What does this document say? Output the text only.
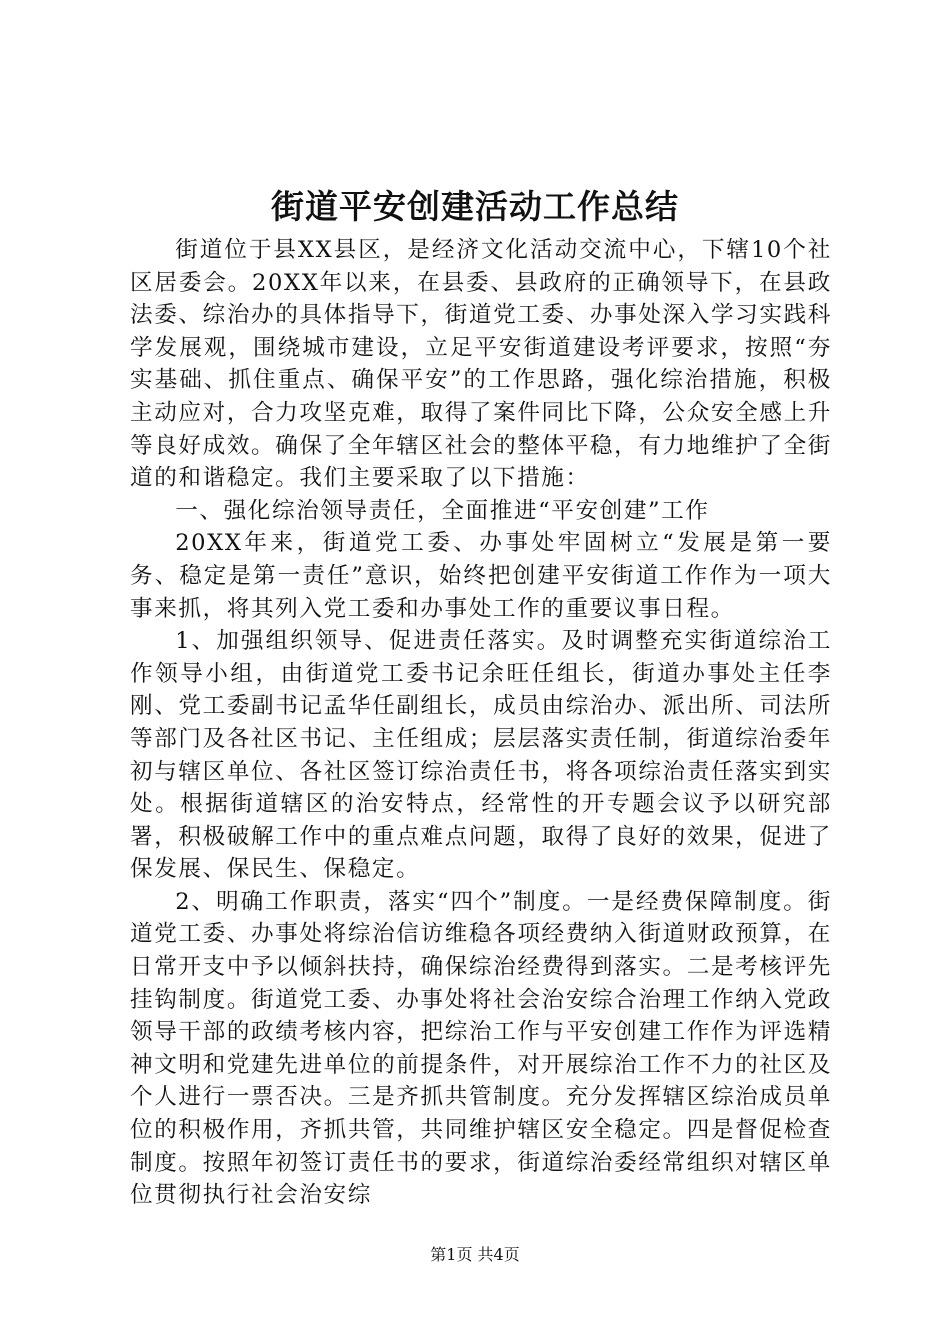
街道平安创建活动工作总结

街道位于县XX县区，是经济文化活动交流中心，下辖10个社区居委会。20XX年以来，在县委、县政府的正确领导下，在县政法委、综治办的具体指导下，街道党工委、办事处深入学习实践科学发展观，围绕城市建设，立足平安街道建设考评要求，按照“夯实基础、抓住重点、确保平安”的工作思路，强化综治措施，积极主动应对，合力攻坚克难，取得了案件同比下降，公众安全感上升等良好成效。确保了全年辖区社会的整体平稳，有力地维护了全街道的和谐稳定。我们主要采取了以下措施：

一、强化综治领导责任，全面推进“平安创建”工作

20XX年来，街道党工委、办事处牢固树立“发展是第一要务、稳定是第一责任”意识，始终把创建平安街道工作作为一项大事来抓，将其列入党工委和办事处工作的重要议事日程。

1、加强组织领导、促进责任落实。及时调整充实街道综治工作领导小组，由街道党工委书记余旺任组长，街道办事处主任李刚、党工委副书记孟华任副组长，成员由综治办、派出所、司法所等部门及各社区书记、主任组成；层层落实责任制，街道综治委年初与辖区单位、各社区签订综治责任书，将各项综治责任落实到实处。根据街道辖区的治安特点，经常性的开专题会议予以研究部署，积极破解工作中的重点难点问题，取得了良好的效果，促进了保发展、保民生、保稳定。

2、明确工作职责，落实“四个”制度。一是经费保障制度。街道党工委、办事处将综治信访维稳各项经费纳入街道财政预算，在日常开支中予以倾斜扶持，确保综治经费得到落实。二是考核评先挂钩制度。街道党工委、办事处将社会治安综合治理工作纳入党政领导干部的政绩考核内容，把综治工作与平安创建工作作为评选精神文明和党建先进单位的前提条件，对开展综治工作不力的社区及个人进行一票否决。三是齐抓共管制度。充分发挥辖区综治成员单位的积极作用，齐抓共管，共同维护辖区安全稳定。四是督促检查制度。按照年初签订责任书的要求，街道综治委经常组织对辖区单位贯彻执行社会治安综

第1页 共4页
